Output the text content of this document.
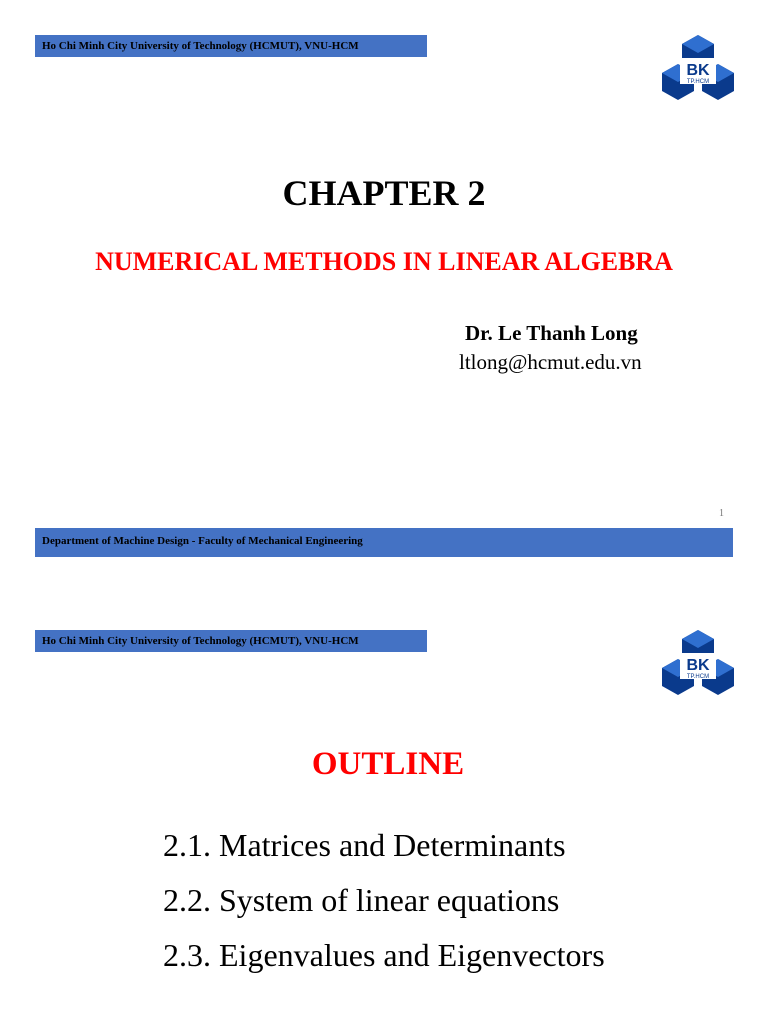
Ho Chi Minh City University of Technology (HCMUT), VNU-HCM
BK
TP.HCM
CHAPTER 2
NUMERICAL METHODS IN LINEAR ALGEBRA
Dr. Le Thanh Long
ltlong@hcmut.edu.vn
1
Department of Machine Design - Faculty of Mechanical Engineering
Ho Chi Minh City University of Technology (HCMUT), VNU-HCM
BK
TP.HCM
OUTLINE
2.1. Matrices and Determinants
2.2. System of linear equations
2.3. Eigenvalues and Eigenvectors
